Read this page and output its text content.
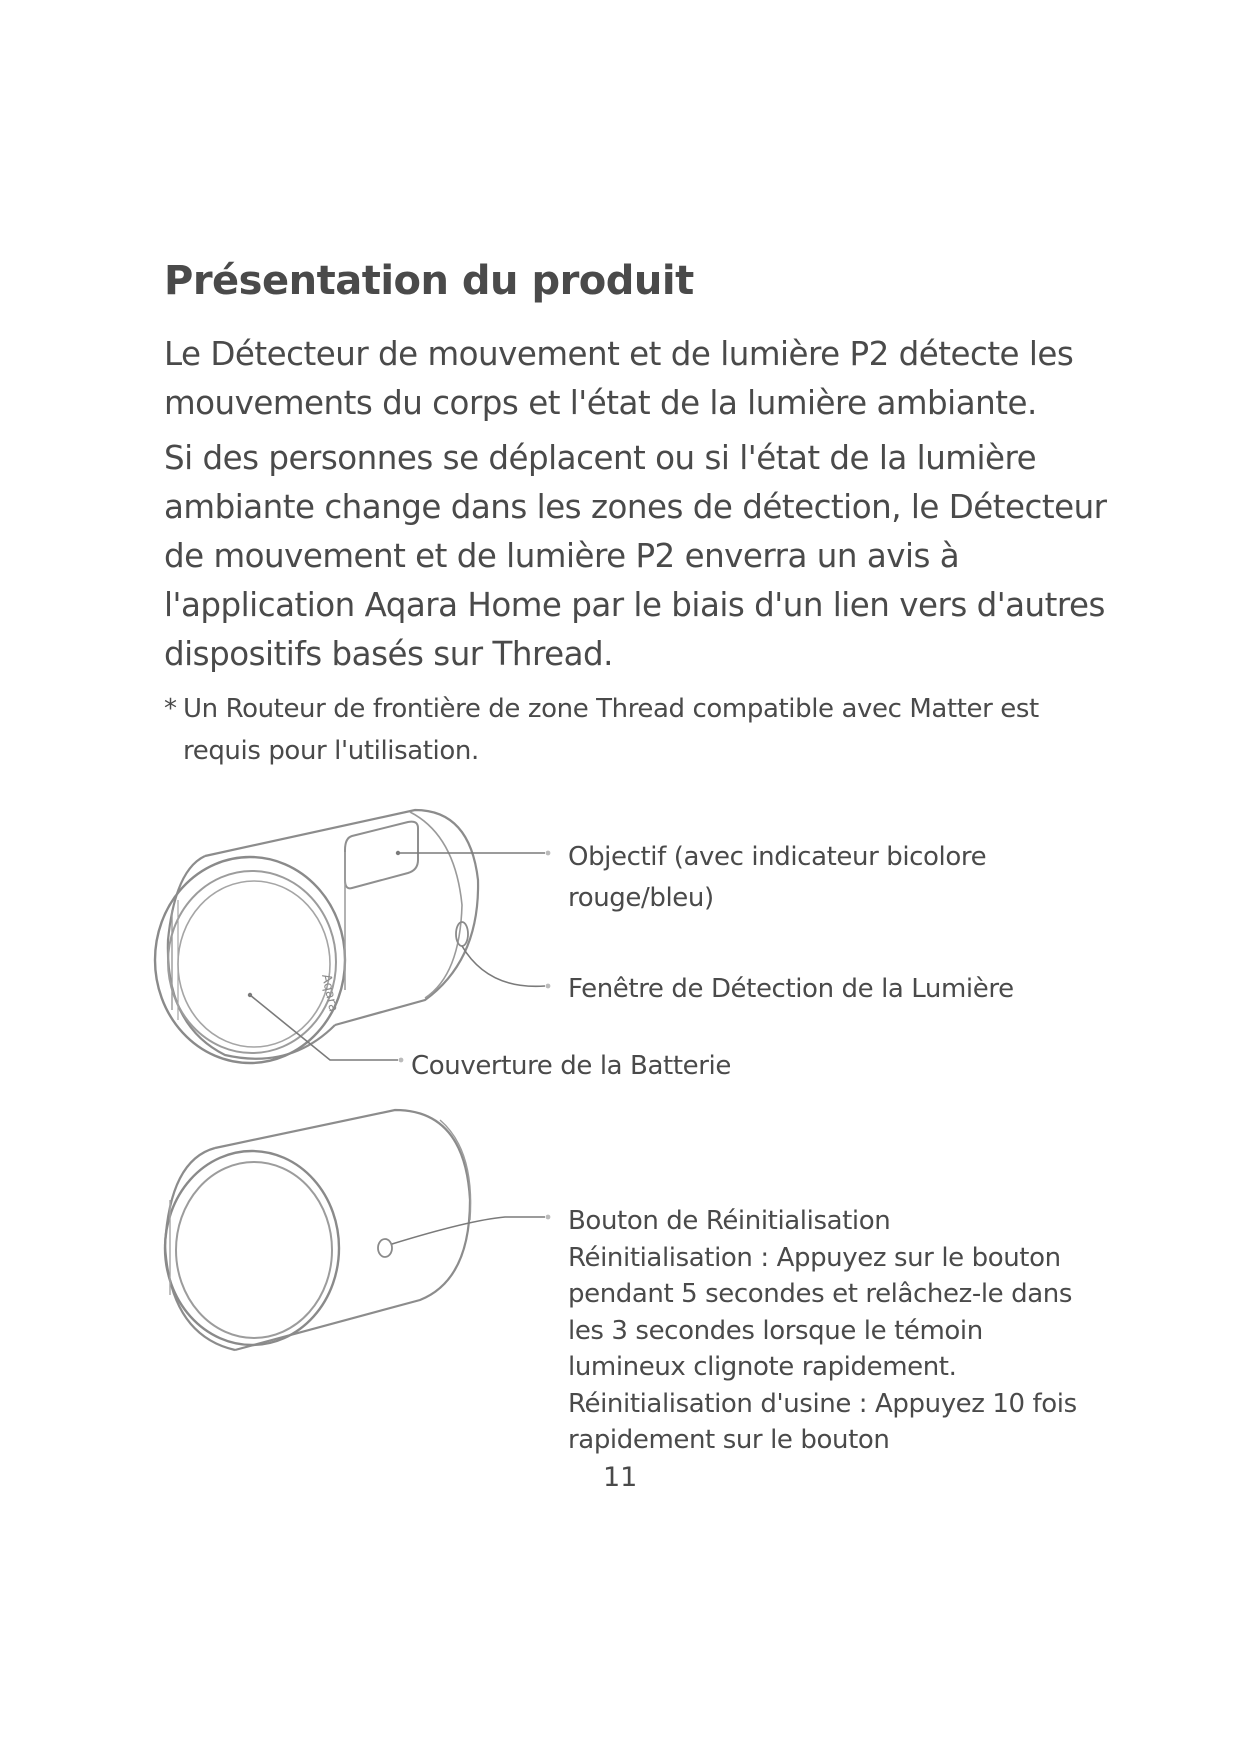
Présentation du produit

Le Détecteur de mouvement et de lumière P2 détecte les mouvements du corps et l'état de la lumière ambiante.

Si des personnes se déplacent ou si l'état de la lumière ambiante change dans les zones de détection, le Détecteur de mouvement et de lumière P2 enverra un avis à l'application Aqara Home par le biais d'un lien vers d'autres dispositifs basés sur Thread.

* Un Routeur de frontière de zone Thread compatible avec Matter est requis pour l'utilisation.
Aqara

Objectif (avec indicateur bicolore rouge/bleu)

Fenêtre de Détection de la Lumière

Couverture de la Batterie

Bouton de Réinitialisation
Réinitialisation : Appuyez sur le bouton
pendant 5 secondes et relâchez-le dans
les 3 secondes lorsque le témoin
lumineux clignote rapidement.
Réinitialisation d'usine : Appuyez 10 fois
rapidement sur le bouton
11
